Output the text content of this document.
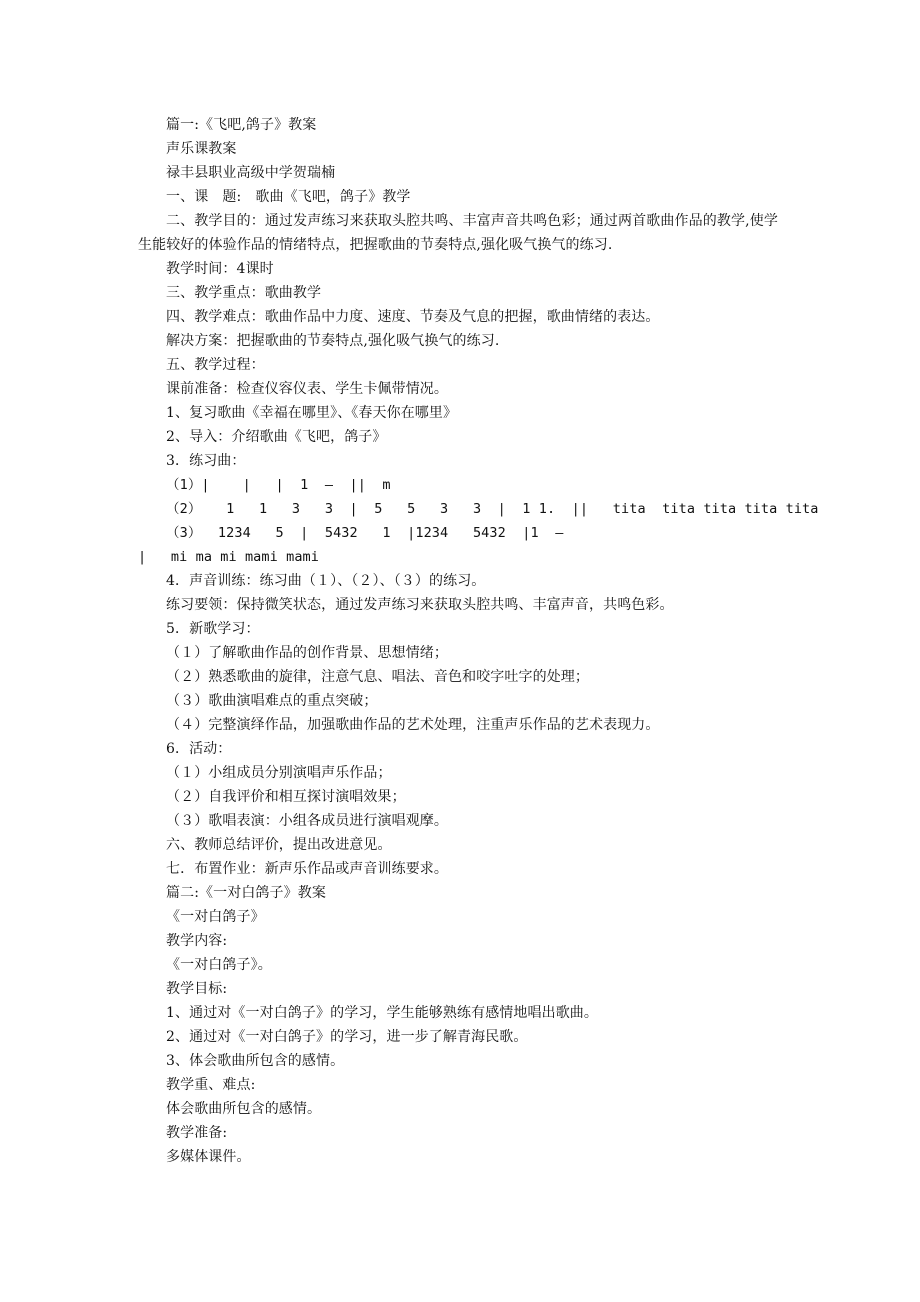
篇一:《飞吧,鸽子》教案
声乐课教案
禄丰县职业高级中学贺瑞楠
一、课　题:　歌曲《飞吧，鸽子》教学
二、教学目的：通过发声练习来获取头腔共鸣、丰富声音共鸣色彩；通过两首歌曲作品的教学,使学生能较好的体验作品的情绪特点，把握歌曲的节奏特点,强化吸气换气的练习.
教学时间：4课时
三、教学重点：歌曲教学
四、教学难点：歌曲作品中力度、速度、节奏及气息的把握，歌曲情绪的表达。
解决方案：把握歌曲的节奏特点,强化吸气换气的练习.
五、教学过程：
课前准备：检查仪容仪表、学生卡佩带情况。
1、复习歌曲《幸福在哪里》、《春天你在哪里》
2、导入：介绍歌曲《飞吧，鸽子》
3．练习曲：
（1）|    |   |  1  —  ||  m
（2）   1   1   3   3  |  5   5   3   3  |  1 1.  ||   tita  tita tita tita tita
（3）  1234   5  |  5432   1  |1234   5432  |1  —
|   mi ma mi mami mami
4．声音训练：练习曲（１）、（２）、（３）的练习。
练习要领：保持微笑状态，通过发声练习来获取头腔共鸣、丰富声音，共鸣色彩。
5．新歌学习：
（１）了解歌曲作品的创作背景、思想情绪；
（２）熟悉歌曲的旋律，注意气息、唱法、音色和咬字吐字的处理；
（３）歌曲演唱难点的重点突破；
（４）完整演绎作品，加强歌曲作品的艺术处理，注重声乐作品的艺术表现力。
6．活动：
（１）小组成员分别演唱声乐作品；
（２）自我评价和相互探讨演唱效果；
（３）歌唱表演：小组各成员进行演唱观摩。
六、教师总结评价，提出改进意见。
七．布置作业：新声乐作品或声音训练要求。
篇二:《一对白鸽子》教案
《一对白鸽子》
教学内容:
《一对白鸽子》。
教学目标:
1、通过对《一对白鸽子》的学习，学生能够熟练有感情地唱出歌曲。
2、通过对《一对白鸽子》的学习，进一步了解青海民歌。
3、体会歌曲所包含的感情。
教学重、难点:
体会歌曲所包含的感情。
教学准备:
多媒体课件。
